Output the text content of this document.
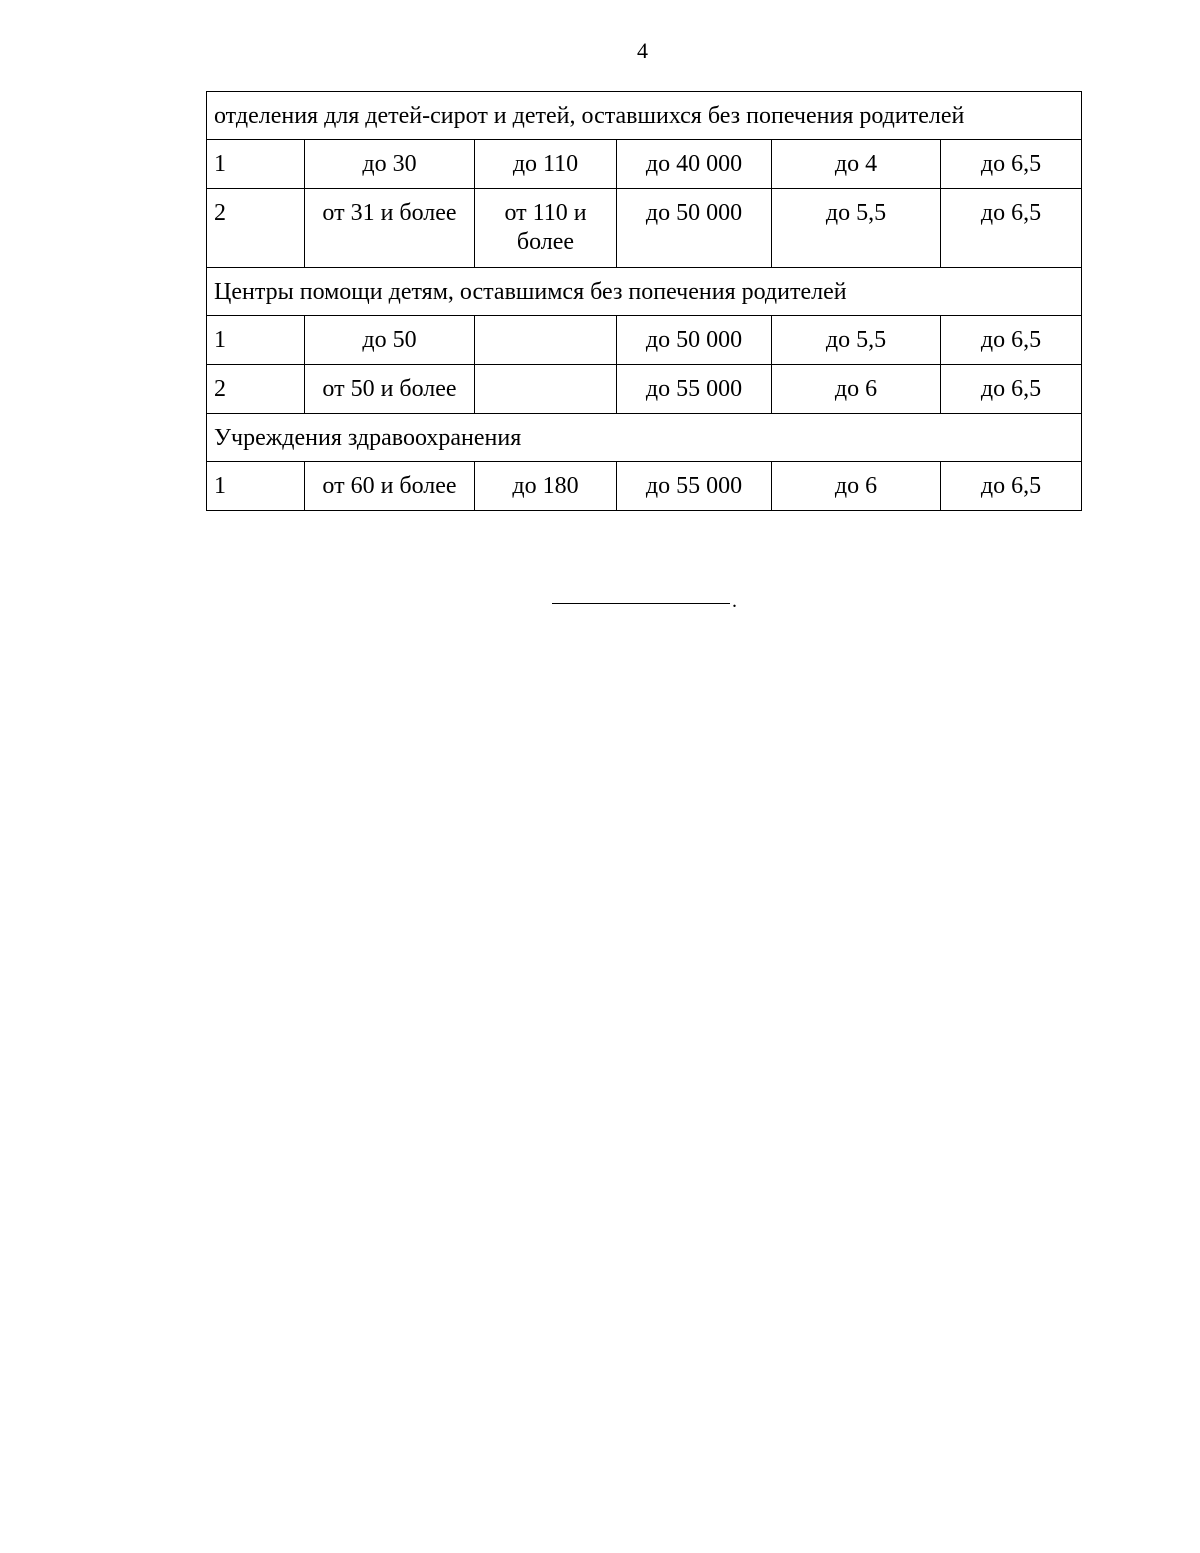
4
отделения для детей-сирот и детей, оставшихся без попечения родителей					
1	до 30	до 110	до 40 000	до 4	до 6,5
2	от 31 и более	от 110 и более	до 50 000	до 5,5	до 6,5
Центры помощи детям, оставшимся без попечения родителей					
1	до 50		до 50 000	до 5,5	до 6,5
2	от 50 и более		до 55 000	до 6	до 6,5
Учреждения здравоохранения					
1	от 60 и более	до 180	до 55 000	до 6	до 6,5
.
